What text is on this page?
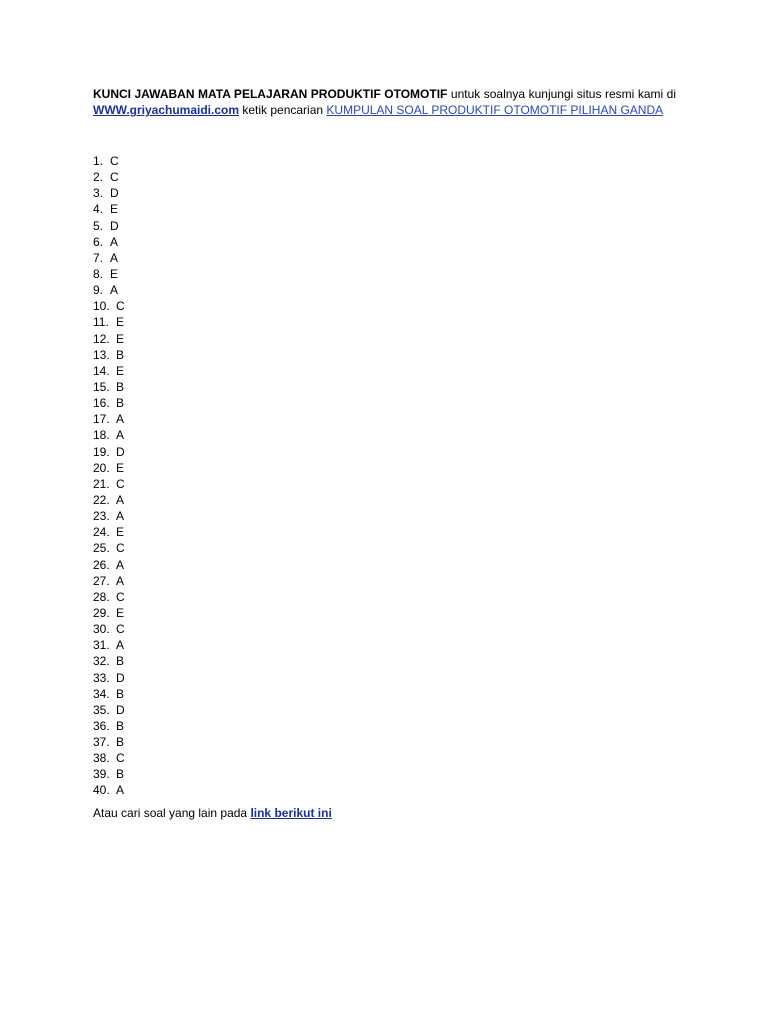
KUNCI JAWABAN MATA PELAJARAN PRODUKTIF OTOMOTIF untuk soalnya kunjungi situs resmi kami di WWW.griyachumaidi.com ketik pencarian KUMPULAN SOAL PRODUKTIF OTOMOTIF PILIHAN GANDA

1. C
2. C
3. D
4. E
5. D
6. A
7. A
8. E
9. A
10. C
11. E
12. E
13. B
14. E
15. B
16. B
17. A
18. A
19. D
20. E
21. C
22. A
23. A
24. E
25. C
26. A
27. A
28. C
29. E
30. C
31. A
32. B
33. D
34. B
35. D
36. B
37. B
38. C
39. B
40. A
Atau cari soal yang lain pada link berikut ini
